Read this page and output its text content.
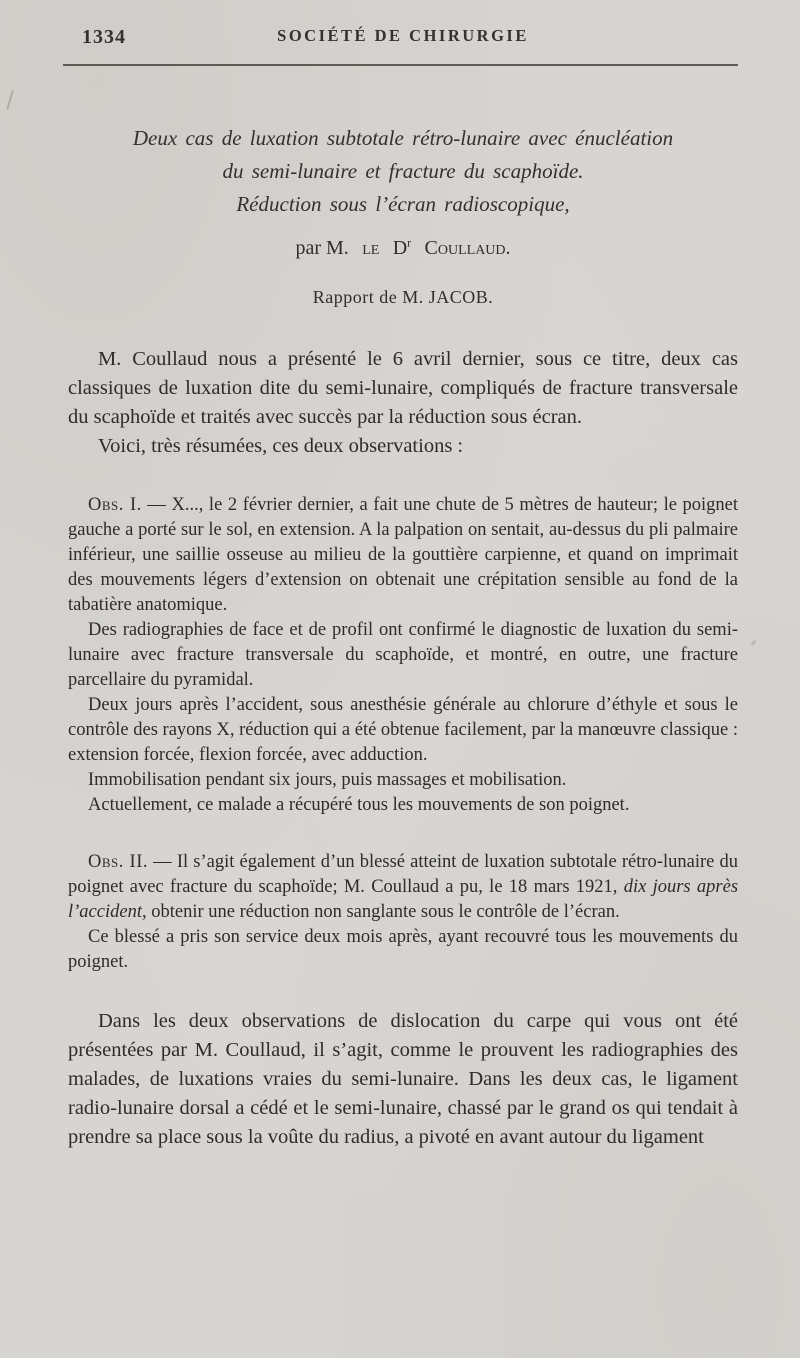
1334	SOCIÉTÉ DE CHIRURGIE
Deux cas de luxation subtotale rétro-lunaire avec énucléation
du semi-lunaire et fracture du scaphoïde.
Réduction sous l’écran radioscopique,
par M. le $D^r$ Coullaud.
Rapport de M. JACOB.

M. Coullaud nous a présenté le 6 avril dernier, sous ce titre, deux cas classiques de luxation dite du semi-lunaire, compliqués de fracture transversale du scaphoïde et traités avec succès par la réduction sous écran.

Voici, très résumées, ces deux observations :

Obs. I. — X..., le 2 février dernier, a fait une chute de 5 mètres de hauteur; le poignet gauche a porté sur le sol, en extension. A la palpation on sentait, au-dessus du pli palmaire inférieur, une saillie osseuse au milieu de la gouttière carpienne, et quand on imprimait des mouvements légers d’extension on obtenait une crépitation sensible au fond de la tabatière anatomique.

Des radiographies de face et de profil ont confirmé le diagnostic de luxation du semi-lunaire avec fracture transversale du scaphoïde, et montré, en outre, une fracture parcellaire du pyramidal.

Deux jours après l’accident, sous anesthésie générale au chlorure d’éthyle et sous le contrôle des rayons X, réduction qui a été obtenue facilement, par la manœuvre classique : extension forcée, flexion forcée, avec adduction.

Immobilisation pendant six jours, puis massages et mobilisation.

Actuellement, ce malade a récupéré tous les mouvements de son poignet.

Obs. II. — Il s’agit également d’un blessé atteint de luxation subtotale rétro-lunaire du poignet avec fracture du scaphoïde; M. Coullaud a pu, le 18 mars 1921, dix jours après l’accident, obtenir une réduction non sanglante sous le contrôle de l’écran.

Ce blessé a pris son service deux mois après, ayant recouvré tous les mouvements du poignet.

Dans les deux observations de dislocation du carpe qui vous ont été présentées par M. Coullaud, il s’agit, comme le prouvent les radiographies des malades, de luxations vraies du semi-lunaire. Dans les deux cas, le ligament radio-lunaire dorsal a cédé et le semi-lunaire, chassé par le grand os qui tendait à prendre sa place sous la voûte du radius, a pivoté en avant autour du ligament
